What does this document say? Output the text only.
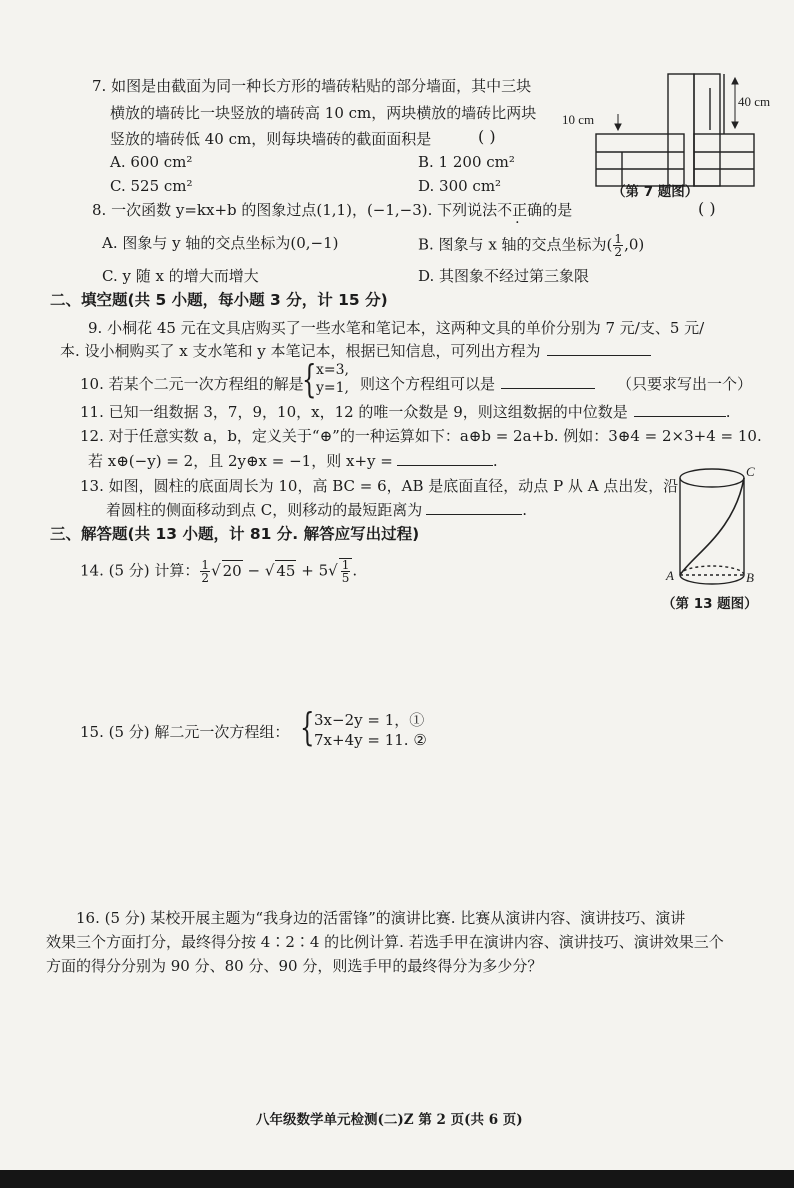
7. 如图是由截面为同一种长方形的墙砖粘贴的部分墙面，其中三块
横放的墙砖比一块竖放的墙砖高 10 cm，两块横放的墙砖比两块
竖放的墙砖低 40 cm，则每块墙砖的截面面积是	( )
A. 600 cm²	B. 1 200 cm²
C. 525 cm²	D. 300 cm²
40 cm
10 cm
（第 7 题图）
8. 一次函数 y=kx+b 的图象过点(1,1)，(−1,−3). 下列说法不正确的是	( )
A. 图象与 y 轴的交点坐标为(0,−1)	B. 图象与 x 轴的交点坐标为( $\frac{1}{2} ,0$)
C. y 随 x 的增大而增大	D. 其图象不经过第三象限
二、填空题(共 5 小题，每小题 3 分，计 15 分)
9. 小桐花 45 元在文具店购买了一些水笔和笔记本，这两种文具的单价分别为 7 元/支、5 元/
本. 设小桐购买了 x 支水笔和 y 本笔记本，根据已知信息，可列出方程为
10. 若某个二元一次方程组的解是
{ x=3,
y=1, 则这个方程组可以是	（只要求写出一个）
11. 已知一组数据 3，7，9，10，x，12 的唯一众数是 9，则这组数据的中位数是	.
12. 对于任意实数 a，b，定义关于“⊕”的一种运算如下：a⊕b = 2a+b. 例如：3⊕4 = 2×3+4 = 10.
若 x⊕(−y) = 2，且 2y⊕x = −1，则 x+y =	.
13. 如图，圆柱的底面周长为 10，高 BC = 6，AB 是底面直径，动点 P 从 A 点出发，沿
着圆柱的侧面移动到点 C，则移动的最短距离为	.
A	B
C
（第 13 题图）
三、解答题(共 13 小题，计 81 分. 解答应写出过程)
14. (5 分) 计算： $\frac{1}{2}$ √ 20 − √ $45 + 5√ \frac{1}{5}$ .
15. (5 分) 解二元一次方程组： { 3x−2y = 1，①
7x+4y = 11. ②
16. (5 分) 某校开展主题为“我身边的活雷锋”的演讲比赛. 比赛从演讲内容、演讲技巧、演讲
效果三个方面打分，最终得分按 4∶2∶4 的比例计算. 若选手甲在演讲内容、演讲技巧、演讲效果三个
方面的得分分别为 90 分、80 分、90 分，则选手甲的最终得分为多少分？
八年级数学单元检测(二)Z 第 2 页(共 6 页)
